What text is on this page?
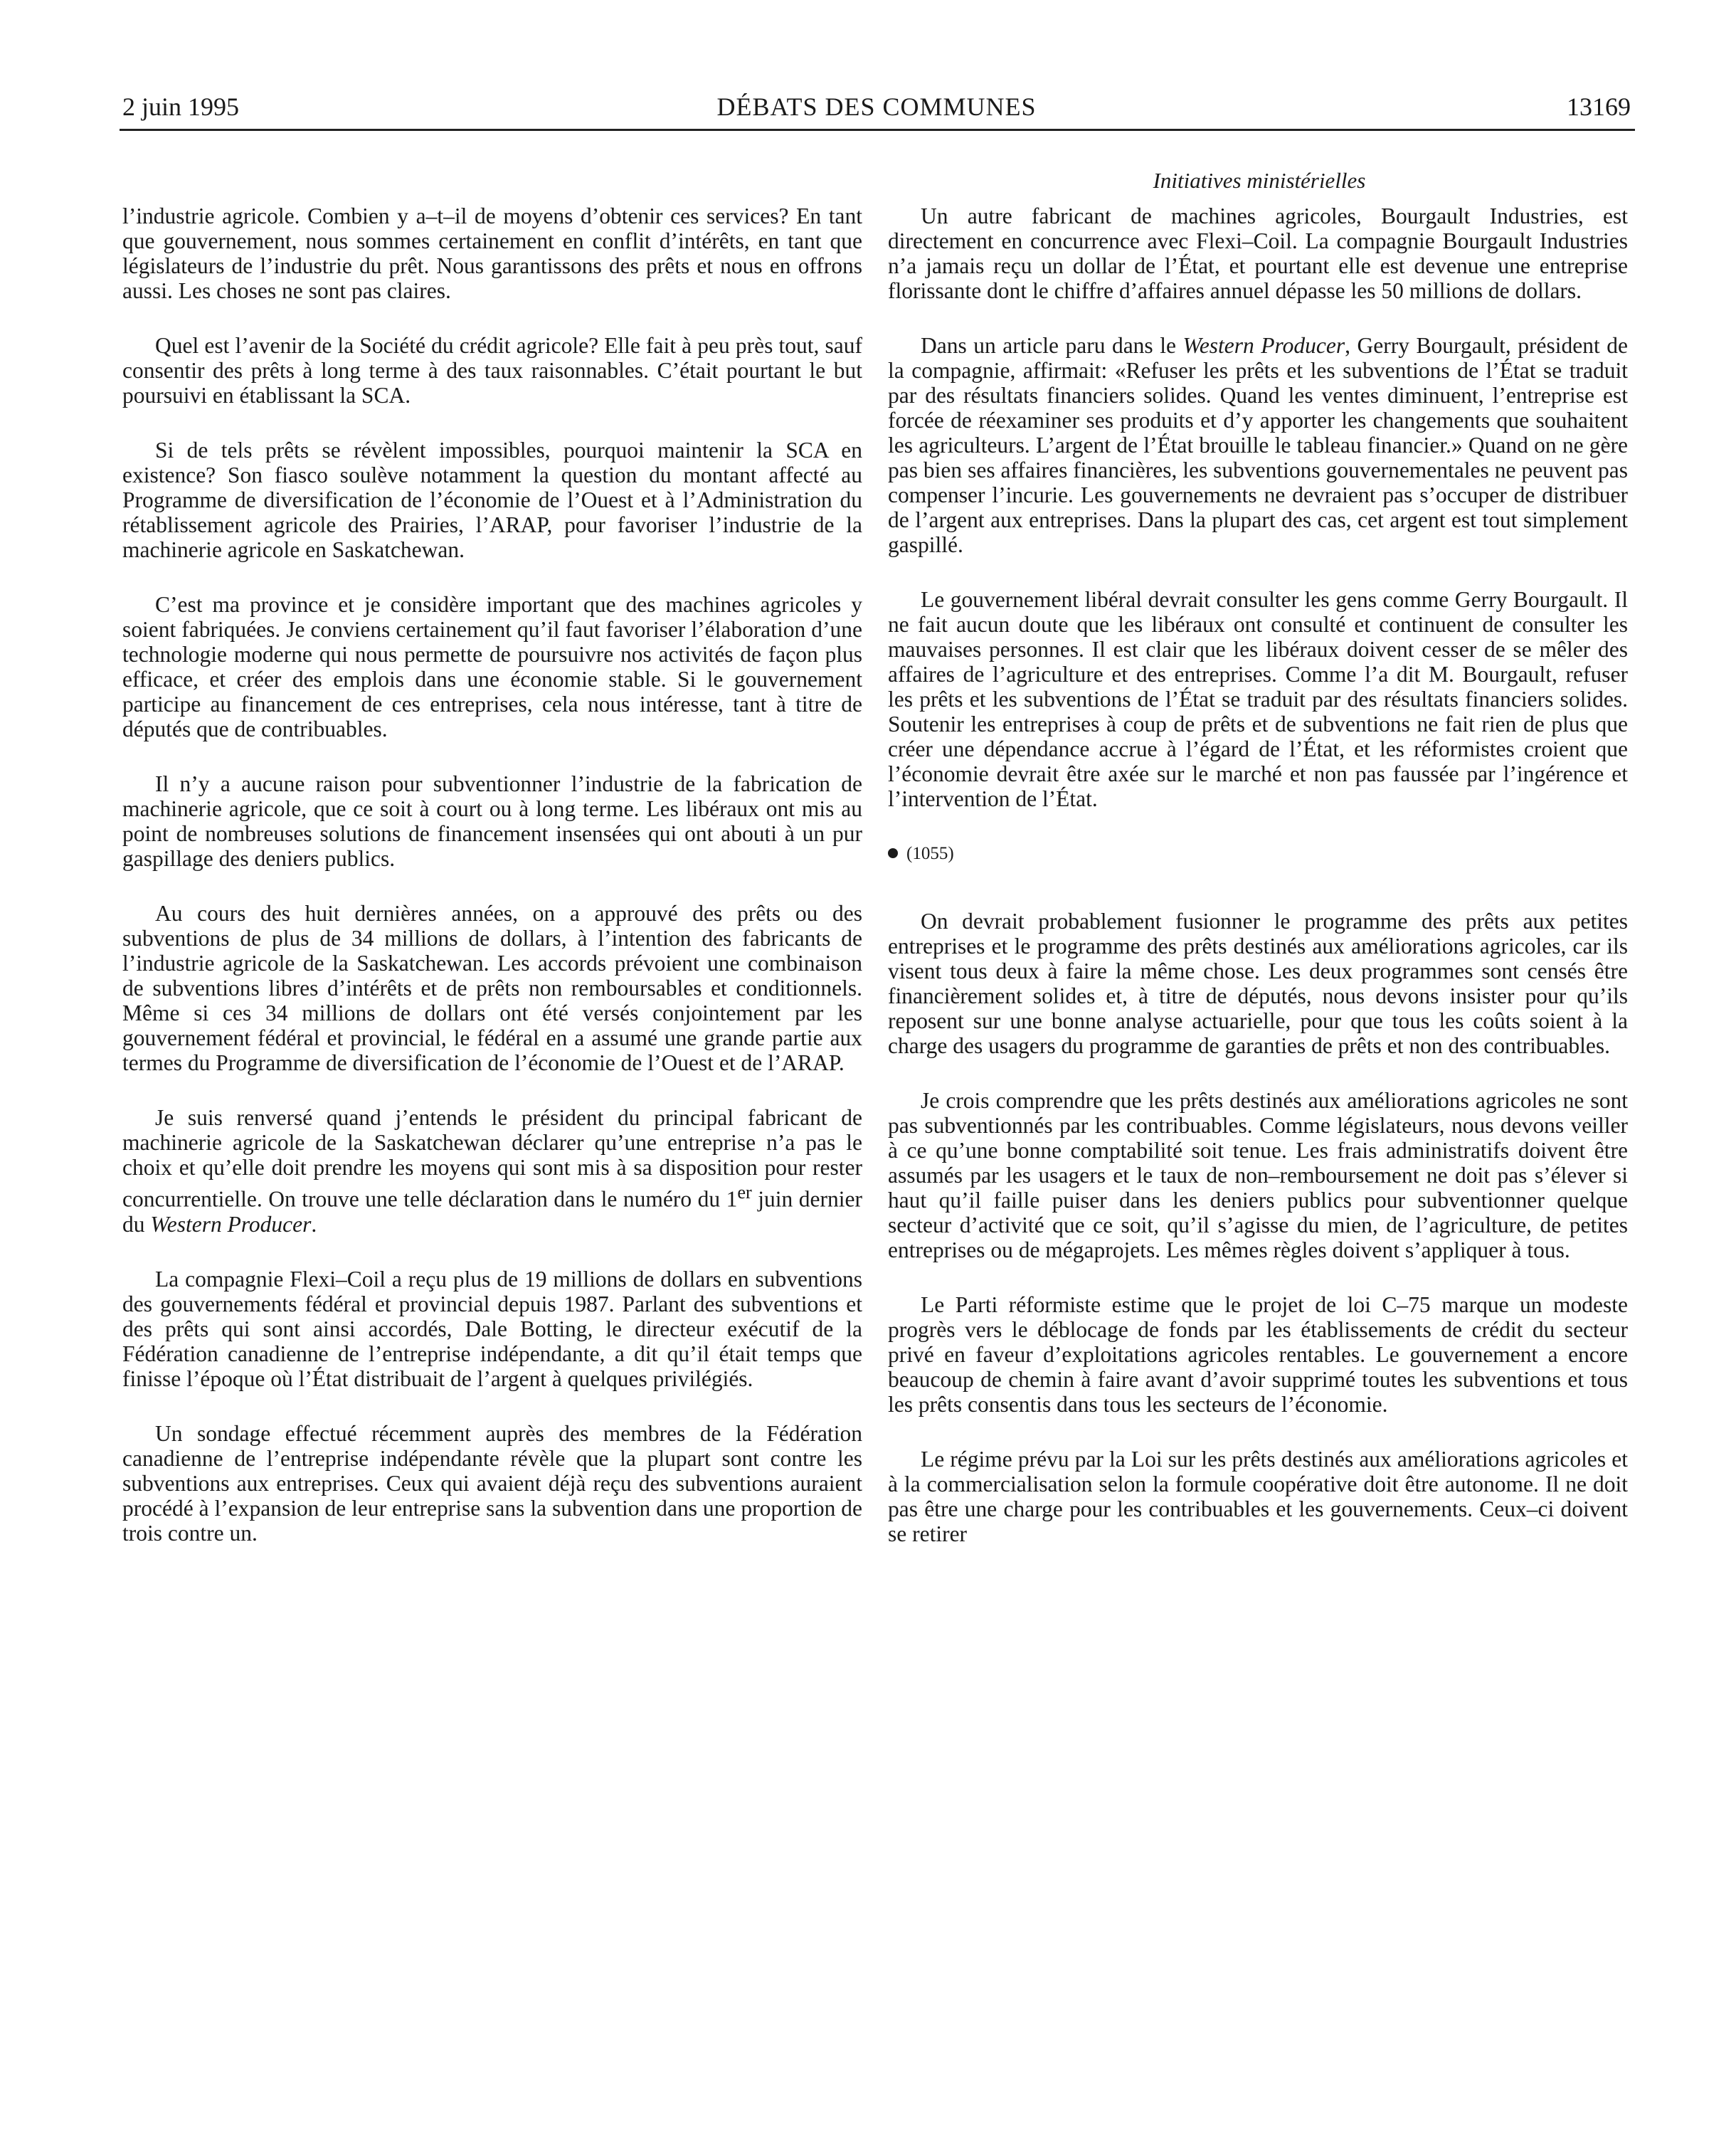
2 juin 1995	DÉBATS DES COMMUNES	13169
Initiatives ministérielles

l’industrie agricole. Combien y a–t–il de moyens d’obtenir ces services? En tant que gouvernement, nous sommes certainement en conflit d’intérêts, en tant que législateurs de l’industrie du prêt. Nous garantissons des prêts et nous en offrons aussi. Les choses ne sont pas claires.

Quel est l’avenir de la Société du crédit agricole? Elle fait à peu près tout, sauf consentir des prêts à long terme à des taux raisonnables. C’était pourtant le but poursuivi en établissant la SCA.

Si de tels prêts se révèlent impossibles, pourquoi maintenir la SCA en existence? Son fiasco soulève notamment la question du montant affecté au Programme de diversification de l’économie de l’Ouest et à l’Administration du rétablissement agricole des Prairies, l’ARAP, pour favoriser l’industrie de la machinerie agricole en Saskatchewan.

C’est ma province et je considère important que des machines agricoles y soient fabriquées. Je conviens certainement qu’il faut favoriser l’élaboration d’une technologie moderne qui nous permette de poursuivre nos activités de façon plus efficace, et créer des emplois dans une économie stable. Si le gouvernement participe au financement de ces entreprises, cela nous intéresse, tant à titre de députés que de contribuables.

Il n’y a aucune raison pour subventionner l’industrie de la fabrication de machinerie agricole, que ce soit à court ou à long terme. Les libéraux ont mis au point de nombreuses solutions de financement insensées qui ont abouti à un pur gaspillage des deniers publics.

Au cours des huit dernières années, on a approuvé des prêts ou des subventions de plus de 34 millions de dollars, à l’intention des fabricants de l’industrie agricole de la Saskatchewan. Les accords prévoient une combinaison de subventions libres d’intérêts et de prêts non remboursables et conditionnels. Même si ces 34 millions de dollars ont été versés conjointement par les gouvernement fédéral et provincial, le fédéral en a assumé une grande partie aux termes du Programme de diversification de l’économie de l’Ouest et de l’ARAP.

Je suis renversé quand j’entends le président du principal fabricant de machinerie agricole de la Saskatchewan déclarer qu’une entreprise n’a pas le choix et qu’elle doit prendre les moyens qui sont mis à sa disposition pour rester concurrentielle. On trouve une telle déclaration dans le numéro du 1er juin dernier du Western Producer.

La compagnie Flexi–Coil a reçu plus de 19 millions de dollars en subventions des gouvernements fédéral et provincial depuis 1987. Parlant des subventions et des prêts qui sont ainsi accordés, Dale Botting, le directeur exécutif de la Fédération canadienne de l’entreprise indépendante, a dit qu’il était temps que finisse l’époque où l’État distribuait de l’argent à quelques privilégiés.

Un sondage effectué récemment auprès des membres de la Fédération canadienne de l’entreprise indépendante révèle que la plupart sont contre les subventions aux entreprises. Ceux qui avaient déjà reçu des subventions auraient procédé à l’expansion de leur entreprise sans la subvention dans une proportion de trois contre un.

Un autre fabricant de machines agricoles, Bourgault Industries, est directement en concurrence avec Flexi–Coil. La compagnie Bourgault Industries n’a jamais reçu un dollar de l’État, et pourtant elle est devenue une entreprise florissante dont le chiffre d’affaires annuel dépasse les 50 millions de dollars.

Dans un article paru dans le Western Producer, Gerry Bourgault, président de la compagnie, affirmait: «Refuser les prêts et les subventions de l’État se traduit par des résultats financiers solides. Quand les ventes diminuent, l’entreprise est forcée de réexaminer ses produits et d’y apporter les changements que souhaitent les agriculteurs. L’argent de l’État brouille le tableau financier.» Quand on ne gère pas bien ses affaires financières, les subventions gouvernementales ne peuvent pas compenser l’incurie. Les gouvernements ne devraient pas s’occuper de distribuer de l’argent aux entreprises. Dans la plupart des cas, cet argent est tout simplement gaspillé.

Le gouvernement libéral devrait consulter les gens comme Gerry Bourgault. Il ne fait aucun doute que les libéraux ont consulté et continuent de consulter les mauvaises personnes. Il est clair que les libéraux doivent cesser de se mêler des affaires de l’agriculture et des entreprises. Comme l’a dit M. Bourgault, refuser les prêts et les subventions de l’État se traduit par des résultats financiers solides. Soutenir les entreprises à coup de prêts et de subventions ne fait rien de plus que créer une dépendance accrue à l’égard de l’État, et les réformistes croient que l’économie devrait être axée sur le marché et non pas faussée par l’ingérence et l’intervention de l’État.

(1055)

On devrait probablement fusionner le programme des prêts aux petites entreprises et le programme des prêts destinés aux améliorations agricoles, car ils visent tous deux à faire la même chose. Les deux programmes sont censés être financièrement solides et, à titre de députés, nous devons insister pour qu’ils reposent sur une bonne analyse actuarielle, pour que tous les coûts soient à la charge des usagers du programme de garanties de prêts et non des contribuables.

Je crois comprendre que les prêts destinés aux améliorations agricoles ne sont pas subventionnés par les contribuables. Comme législateurs, nous devons veiller à ce qu’une bonne comptabilité soit tenue. Les frais administratifs doivent être assumés par les usagers et le taux de non–remboursement ne doit pas s’élever si haut qu’il faille puiser dans les deniers publics pour subventionner quelque secteur d’activité que ce soit, qu’il s’agisse du mien, de l’agriculture, de petites entreprises ou de mégaprojets. Les mêmes règles doivent s’appliquer à tous.

Le Parti réformiste estime que le projet de loi C–75 marque un modeste progrès vers le déblocage de fonds par les établissements de crédit du secteur privé en faveur d’exploitations agricoles rentables. Le gouvernement a encore beaucoup de chemin à faire avant d’avoir supprimé toutes les subventions et tous les prêts consentis dans tous les secteurs de l’économie.

Le régime prévu par la Loi sur les prêts destinés aux améliorations agricoles et à la commercialisation selon la formule coopérative doit être autonome. Il ne doit pas être une charge pour les contribuables et les gouvernements. Ceux–ci doivent se retirer
